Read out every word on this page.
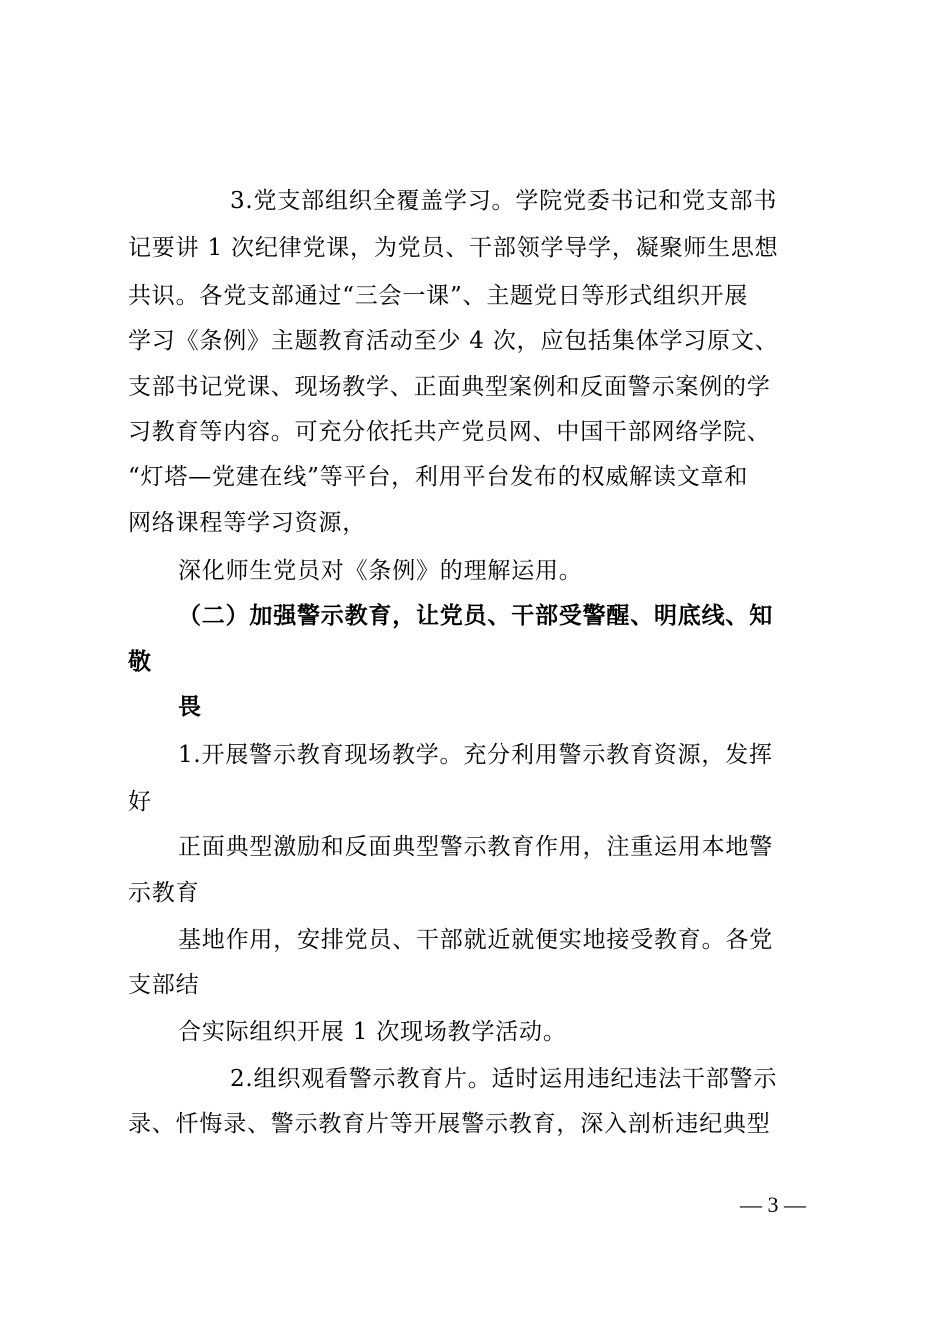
3.党支部组织全覆盖学习。学院党委书记和党支部书
记要讲 1 次纪律党课，为党员、干部领学导学，凝聚师生思想
共识。各党支部通过“三会一课”、主题党日等形式组织开展
学习《条例》主题教育活动至少 4 次，应包括集体学习原文、
支部书记党课、现场教学、正面典型案例和反面警示案例的学
习教育等内容。可充分依托共产党员网、中国干部网络学院、
“灯塔—党建在线”等平台，利用平台发布的权威解读文章和
网络课程等学习资源，
深化师生党员对《条例》的理解运用。
（二）加强警示教育，让党员、干部受警醒、明底线、知
敬
畏
1.开展警示教育现场教学。充分利用警示教育资源，发挥
好
正面典型激励和反面典型警示教育作用，注重运用本地警
示教育
基地作用，安排党员、干部就近就便实地接受教育。各党
支部结
合实际组织开展 1 次现场教学活动。
2.组织观看警示教育片。适时运用违纪违法干部警示
录、忏悔录、警示教育片等开展警示教育，深入剖析违纪典型
— 3 —
